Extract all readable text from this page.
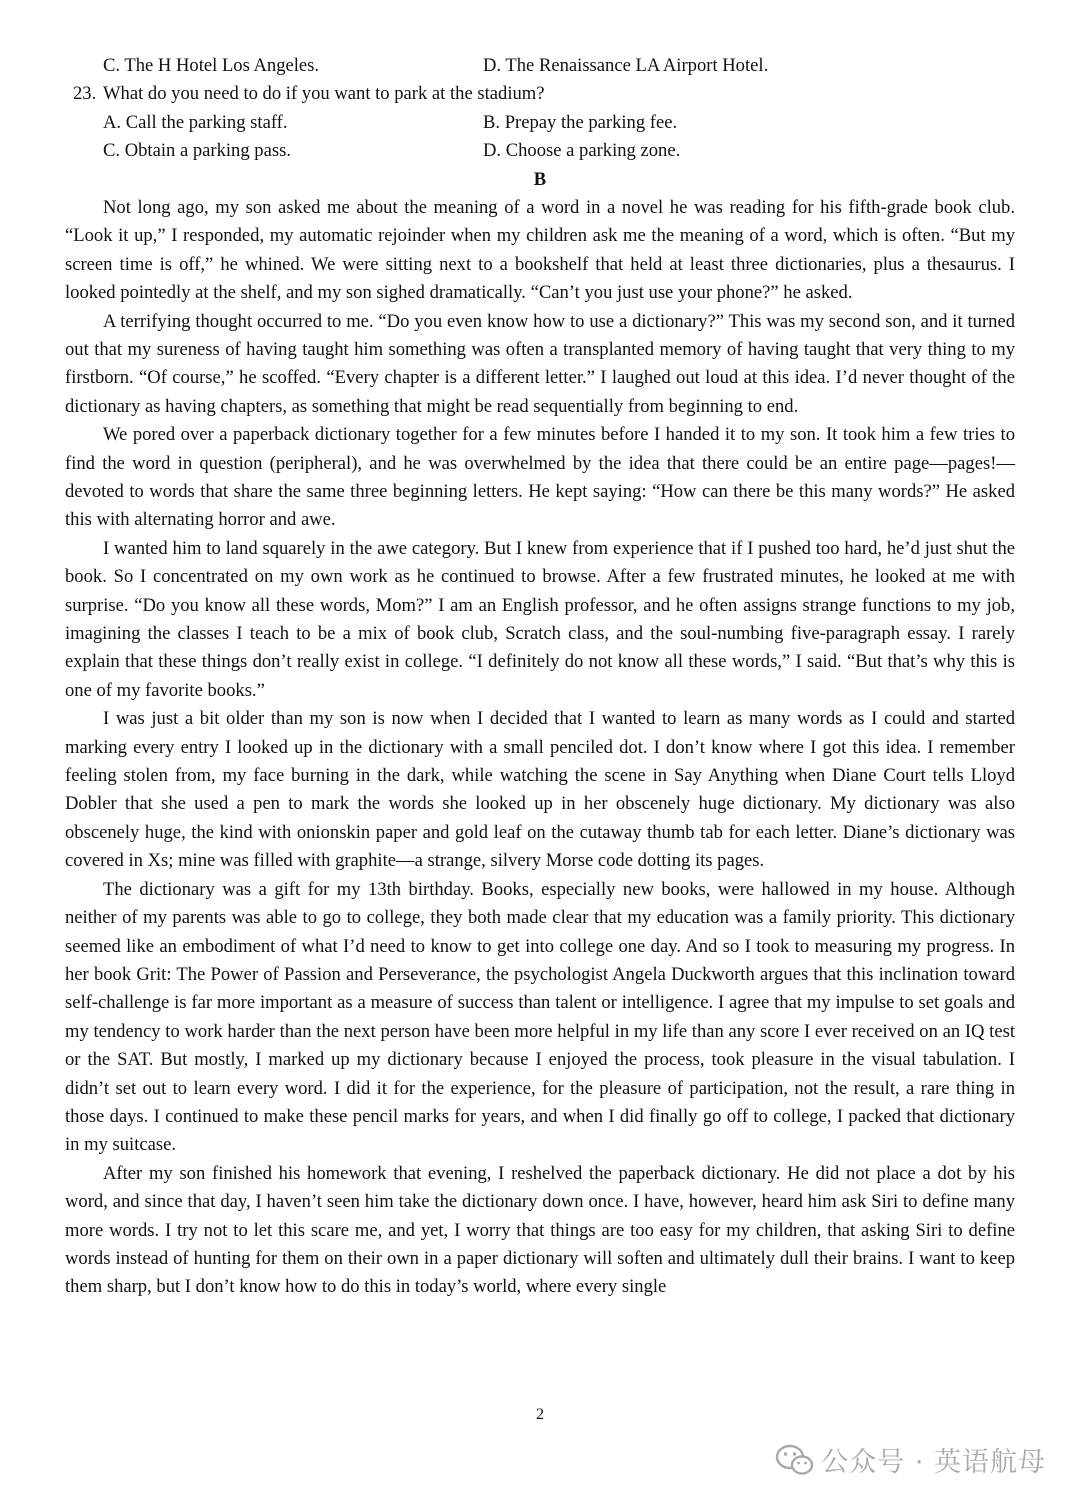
C. The H Hotel Los Angeles.	D. The Renaissance LA Airport Hotel.
23. What do you need to do if you want to park at the stadium?
A. Call the parking staff.	B. Prepay the parking fee.
C. Obtain a parking pass.	D. Choose a parking zone.
B

Not long ago, my son asked me about the meaning of a word in a novel he was reading for his fifth-grade book club. “Look it up,” I responded, my automatic rejoinder when my children ask me the meaning of a word, which is often. “But my screen time is off,” he whined. We were sitting next to a bookshelf that held at least three dictionaries, plus a thesaurus. I looked pointedly at the shelf, and my son sighed dramatically. “Can’t you just use your phone?” he asked.

A terrifying thought occurred to me. “Do you even know how to use a dictionary?” This was my second son, and it turned out that my sureness of having taught him something was often a transplanted memory of having taught that very thing to my firstborn. “Of course,” he scoffed. “Every chapter is a different letter.” I laughed out loud at this idea. I’d never thought of the dictionary as having chapters, as something that might be read sequentially from beginning to end.

We pored over a paperback dictionary together for a few minutes before I handed it to my son. It took him a few tries to find the word in question (peripheral), and he was overwhelmed by the idea that there could be an entire page—pages!—devoted to words that share the same three beginning letters. He kept saying: “How can there be this many words?” He asked this with alternating horror and awe.

I wanted him to land squarely in the awe category. But I knew from experience that if I pushed too hard, he’d just shut the book. So I concentrated on my own work as he continued to browse. After a few frustrated minutes, he looked at me with surprise. “Do you know all these words, Mom?” I am an English professor, and he often assigns strange functions to my job, imagining the classes I teach to be a mix of book club, Scratch class, and the soul-numbing five-paragraph essay. I rarely explain that these things don’t really exist in college. “I definitely do not know all these words,” I said. “But that’s why this is one of my favorite books.”

I was just a bit older than my son is now when I decided that I wanted to learn as many words as I could and started marking every entry I looked up in the dictionary with a small penciled dot. I don’t know where I got this idea. I remember feeling stolen from, my face burning in the dark, while watching the scene in Say Anything when Diane Court tells Lloyd Dobler that she used a pen to mark the words she looked up in her obscenely huge dictionary. My dictionary was also obscenely huge, the kind with onionskin paper and gold leaf on the cutaway thumb tab for each letter. Diane’s dictionary was covered in Xs; mine was filled with graphite—a strange, silvery Morse code dotting its pages.

The dictionary was a gift for my 13th birthday. Books, especially new books, were hallowed in my house. Although neither of my parents was able to go to college, they both made clear that my education was a family priority. This dictionary seemed like an embodiment of what I’d need to know to get into college one day. And so I took to measuring my progress. In her book Grit: The Power of Passion and Perseverance, the psychologist Angela Duckworth argues that this inclination toward self-challenge is far more important as a measure of success than talent or intelligence. I agree that my impulse to set goals and my tendency to work harder than the next person have been more helpful in my life than any score I ever received on an IQ test or the SAT. But mostly, I marked up my dictionary because I enjoyed the process, took pleasure in the visual tabulation. I didn’t set out to learn every word. I did it for the experience, for the pleasure of participation, not the result, a rare thing in those days. I continued to make these pencil marks for years, and when I did finally go off to college, I packed that dictionary in my suitcase.

After my son finished his homework that evening, I reshelved the paperback dictionary. He did not place a dot by his word, and since that day, I haven’t seen him take the dictionary down once. I have, however, heard him ask Siri to define many more words. I try not to let this scare me, and yet, I worry that things are too easy for my children, that asking Siri to define words instead of hunting for them on their own in a paper dictionary will soften and ultimately dull their brains. I want to keep them sharp, but I don’t know how to do this in today’s world, where every single

2
公众号 · 英语航母
